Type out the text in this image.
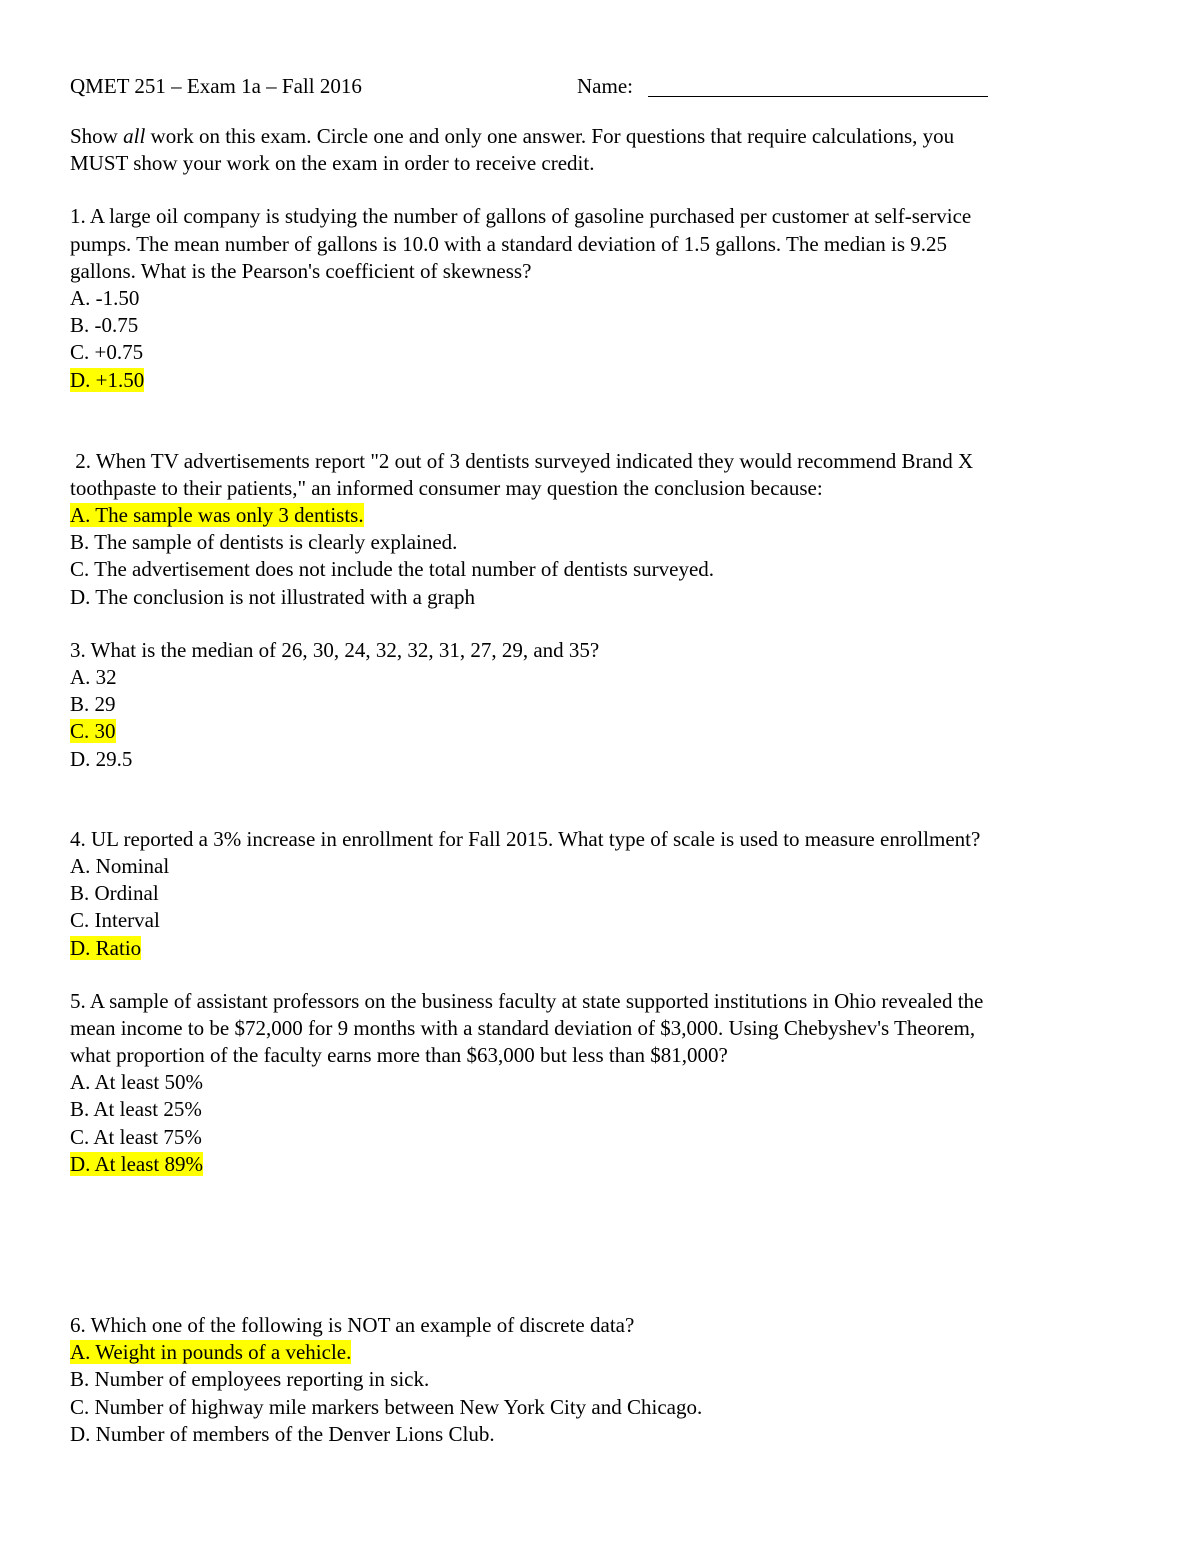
QMET 251 – Exam 1a – Fall 2016	Name:
Show all work on this exam. Circle one and only one answer. For questions that require calculations, you
MUST show your work on the exam in order to receive credit.
1. A large oil company is studying the number of gallons of gasoline purchased per customer at self-service
pumps. The mean number of gallons is 10.0 with a standard deviation of 1.5 gallons. The median is 9.25
gallons. What is the Pearson's coefficient of skewness?
A. -1.50
B. -0.75
C. +0.75
D. +1.50
2. When TV advertisements report "2 out of 3 dentists surveyed indicated they would recommend Brand X
toothpaste to their patients," an informed consumer may question the conclusion because:
A. The sample was only 3 dentists.
B. The sample of dentists is clearly explained.
C. The advertisement does not include the total number of dentists surveyed.
D. The conclusion is not illustrated with a graph
3. What is the median of 26, 30, 24, 32, 32, 31, 27, 29, and 35?
A. 32
B. 29
C. 30
D. 29.5
4. UL reported a 3% increase in enrollment for Fall 2015. What type of scale is used to measure enrollment?
A. Nominal
B. Ordinal
C. Interval
D. Ratio
5. A sample of assistant professors on the business faculty at state supported institutions in Ohio revealed the
mean income to be $72,000 for 9 months with a standard deviation of $3,000. Using Chebyshev's Theorem,
what proportion of the faculty earns more than $63,000 but less than $81,000?
A. At least 50%
B. At least 25%
C. At least 75%
D. At least 89%
6. Which one of the following is NOT an example of discrete data?
A. Weight in pounds of a vehicle.
B. Number of employees reporting in sick.
C. Number of highway mile markers between New York City and Chicago.
D. Number of members of the Denver Lions Club.
